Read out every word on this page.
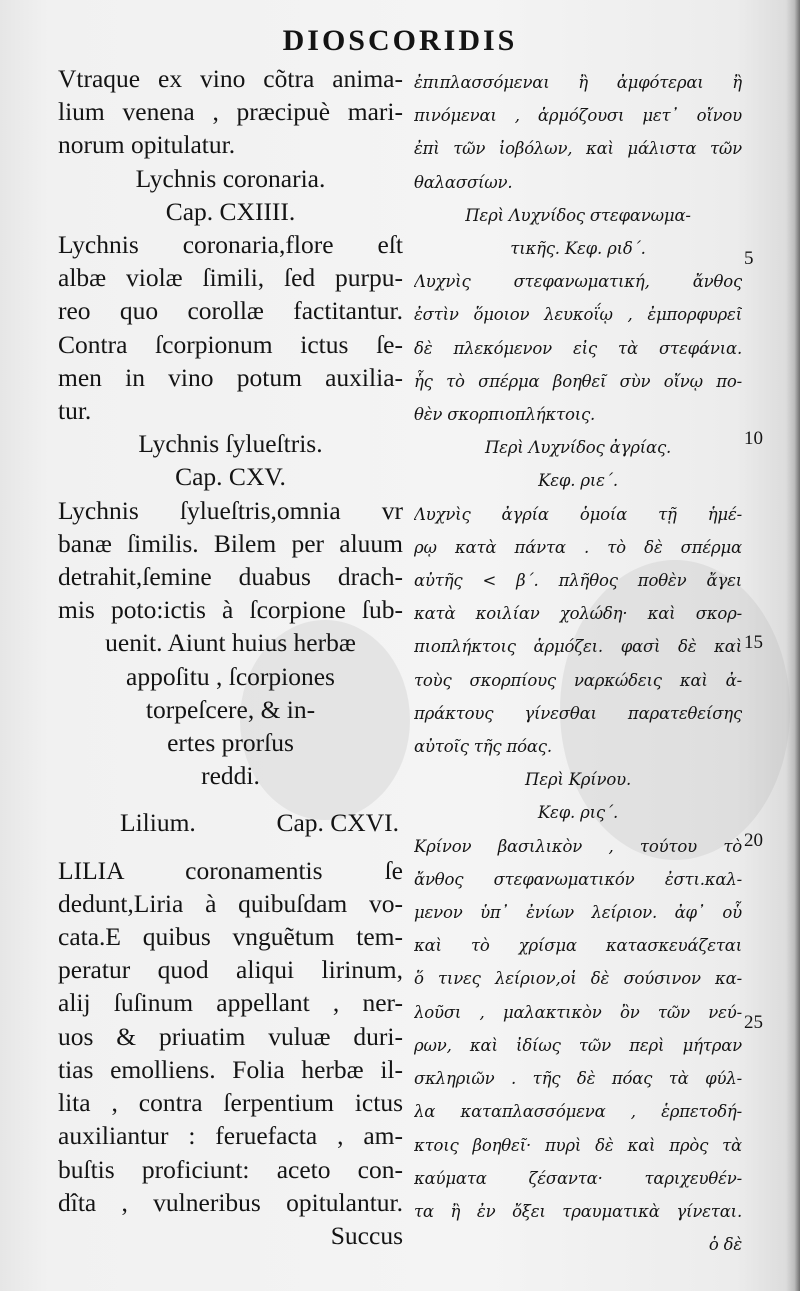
DIOSCORIDIS
Vtraque ex vino cõtra anima-
lium venena , præcipuè mari-
norum opitulatur.
Lychnis coronaria.
Cap. CXIIII.
Lychnis coronaria,flore eſt
albæ violæ ſimili, ſed purpu-
reo quo corollæ factitantur.
Contra ſcorpionum ictus ſe-
men in vino potum auxilia-
tur.
Lychnis ſylueſtris.
Cap. CXV.
Lychnis ſylueſtris,omnia vr
banæ ſimilis. Bilem per aluum
detrahit,ſemine duabus drach-
mis poto:ictis à ſcorpione ſub-
uenit. Aiunt huius herbæ
appoſitu , ſcorpiones
torpeſcere, & in-
ertes prorſus
reddi.
Lilium.	Cap. CXVI.
LILIA coronamentis ſe
dedunt,Liria à quibuſdam vo-
cata.E quibus vnguẽtum tem-
peratur quod aliqui lirinum,
alij ſuſinum appellant , ner-
uos & priuatim vuluæ duri-
tias emolliens. Folia herbæ il-
lita , contra ſerpentium ictus
auxiliantur : feruefacta , am-
buſtis proficiunt: aceto con-
dîta , vulneribus opitulantur.
Succus
ἐπιπλασσόμεναι ἢ ἀμφότεραι ἢ
πινόμεναι , ἁρμόζουσι μετ᾽ οἴνου
ἐπὶ τῶν ἰοβόλων, καὶ μάλιστα τῶν
θαλασσίων.
Περὶ Λυχνίδος στεφανωμα-
τικῆς. Κεφ. ριδ΄.
Λυχνὶς στεφανωματική, ἄνθος
ἐστὶν ὅμοιον λευκοΐῳ , ἐμπορφυρεῖ
δὲ πλεκόμενον εἰς τὰ στεφάνια.
ἧς τὸ σπέρμα βοηθεῖ σὺν οἴνῳ πο-
θὲν σκορπιοπλήκτοις.
Περὶ Λυχνίδος ἀγρίας.
Κεφ. ριε΄.
Λυχνὶς ἀγρία ὁμοία τῇ ἡμέ-
ρῳ κατὰ πάντα . τὸ δὲ σπέρμα
αὐτῆς < β΄. πλῆθος ποθὲν ἄγει
κατὰ κοιλίαν χολώδη· καὶ σκορ-
πιοπλήκτοις ἁρμόζει. φασὶ δὲ καὶ
τοὺς σκορπίους ναρκώδεις καὶ ἀ-
πράκτους γίνεσθαι παρατεθείσης
αὐτοῖς τῆς πόας.
Περὶ Κρίνου.
Κεφ. ρις΄.
Κρίνον βασιλικὸν , τούτου τὸ
ἄνθος στεφανωματικόν ἐστι.καλ-
μενον ὑπ᾽ ἐνίων λείριον. ἀφ᾽ οὗ
καὶ τὸ χρίσμα κατασκευάζεται
ὅ τινες λείριον,οἱ δὲ σούσινον κα-
λοῦσι , μαλακτικὸν ὂν τῶν νεύ-
ρων, καὶ ἰδίως τῶν περὶ μήτραν
σκληριῶν . τῆς δὲ πόας τὰ φύλ-
λα καταπλασσόμενα , ἑρπετοδή-
κτοις βοηθεῖ· πυρὶ δὲ καὶ πρὸς τὰ
καύματα ζέσαντα· ταριχευθέν-
τα ἢ ἐν ὄξει τραυματικὰ γίνεται.
ὁ δὲ
5
10
15
20
25
